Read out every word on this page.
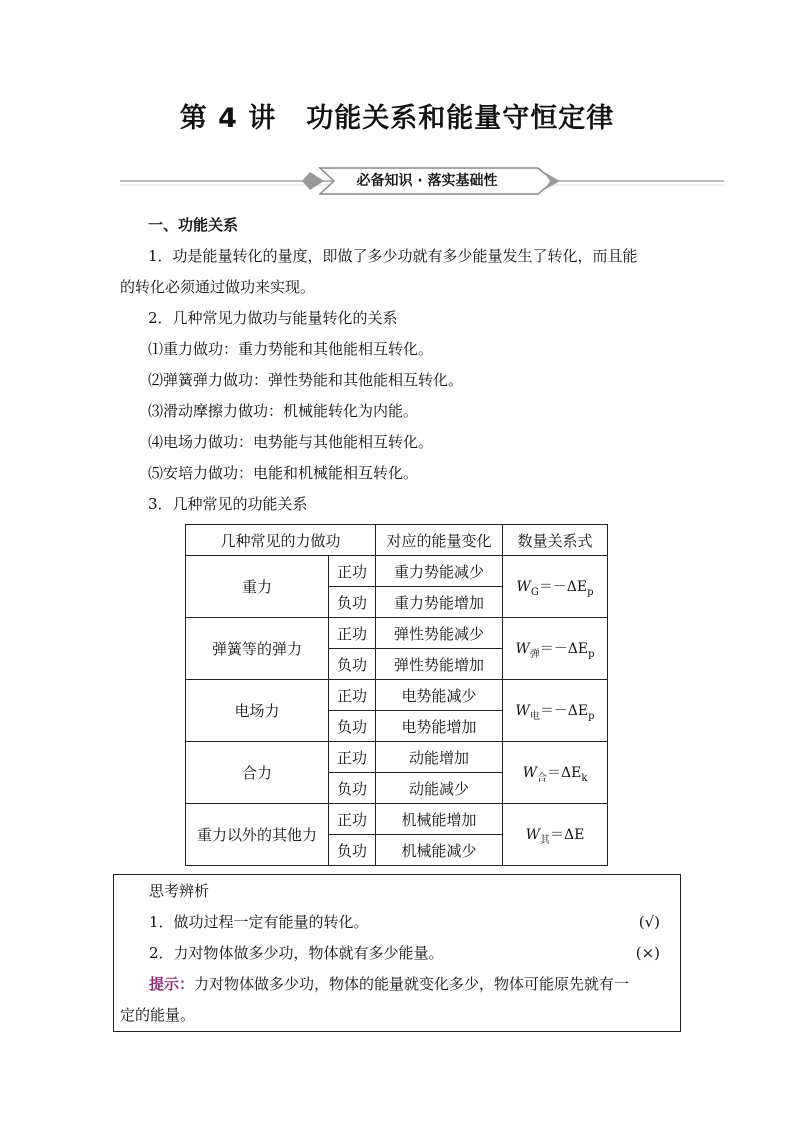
第 4 讲 功能关系和能量守恒定律
必备知识 · 落实基础性
一、功能关系
1．功是能量转化的量度，即做了多少功就有多少能量发生了转化，而且能
的转化必须通过做功来实现。
2．几种常见力做功与能量转化的关系
⑴重力做功：重力势能和其他能相互转化。
⑵弹簧弹力做功：弹性势能和其他能相互转化。
⑶滑动摩擦力做功：机械能转化为内能。
⑷电场力做功：电势能与其他能相互转化。
⑸安培力做功：电能和机械能相互转化。
3．几种常见的功能关系
几种常见的力做功		对应的能量变化	数量关系式
重力	正功	重力势能减少	$W_G=-\Delta E_p$
	负功	重力势能增加	
弹簧等的弹力	正功	弹性势能减少	$W_弹=-\Delta E_p$
	负功	弹性势能增加	
电场力	正功	电势能减少	$W_电=-\Delta E_p$
	负功	电势能增加	
合力	正功	动能增加	$W_合=\Delta E_k$
	负功	动能减少	
重力以外的其他力	正功	机械能增加	$W_其=\Delta E$
	负功	机械能减少	
思考辨析
1．做功过程一定有能量的转化。	(√)
2．力对物体做多少功，物体就有多少能量。	(×)
提示：力对物体做多少功，物体的能量就变化多少，物体可能原先就有一
定的能量。
